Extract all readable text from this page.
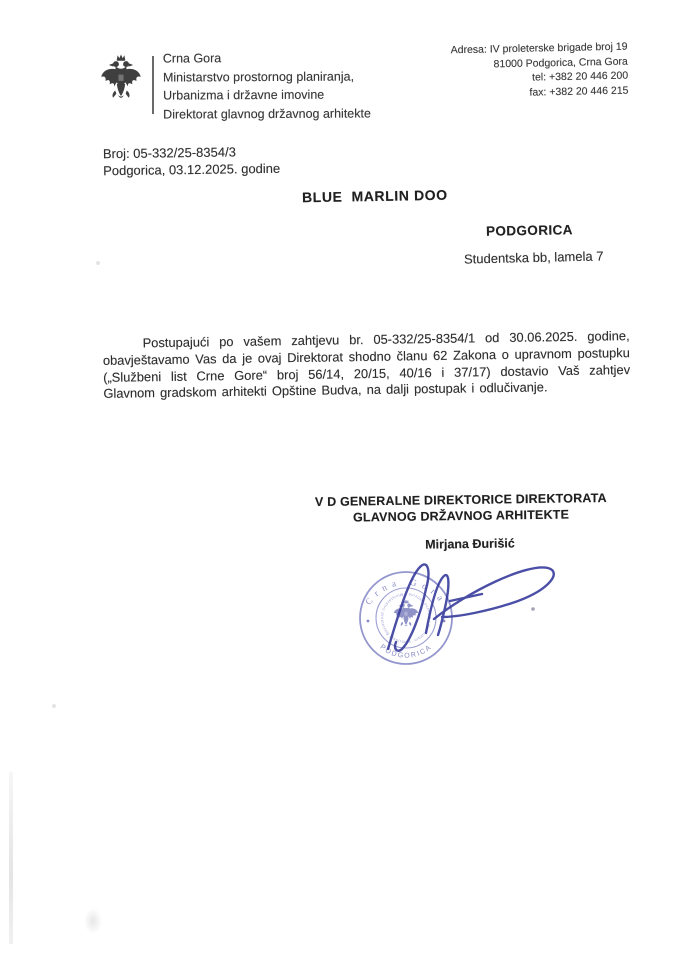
Crna Gora
Ministarstvo prostornog planiranja,
Urbanizma i državne imovine
Direktorat glavnog državnog arhitekte
Adresa: IV proleterske brigade broj 19
81000 Podgorica, Crna Gora
tel: +382 20 446 200
fax: +382 20 446 215
Broj: 05-332/25-8354/3
Podgorica, 03.12.2025. godine
BLUE  MARLIN DOO
PODGORICA
Studentska bb, lamela 7
Postupajući po vašem zahtjevu br. 05-332/25-8354/1 od 30.06.2025. godine, obavještavamo Vas da je ovaj Direktorat shodno članu 62 Zakona o upravnom postupku („Službeni list Crne Gore“ broj 56/14, 20/15, 40/16 i 37/17) dostavio Vaš zahtjev Glavnom gradskom arhitekti Opštine Budva, na dalji postupak i odlučivanje.
V D GENERALNE DIREKTORICE DIREKTORATA
GLAVNOG DRŽAVNOG ARHITEKTE
Mirjana Đurišić
Crna Gora
PODGORICA
Ministarstvo prostornog planiranja, urbanizma i državne imovine
